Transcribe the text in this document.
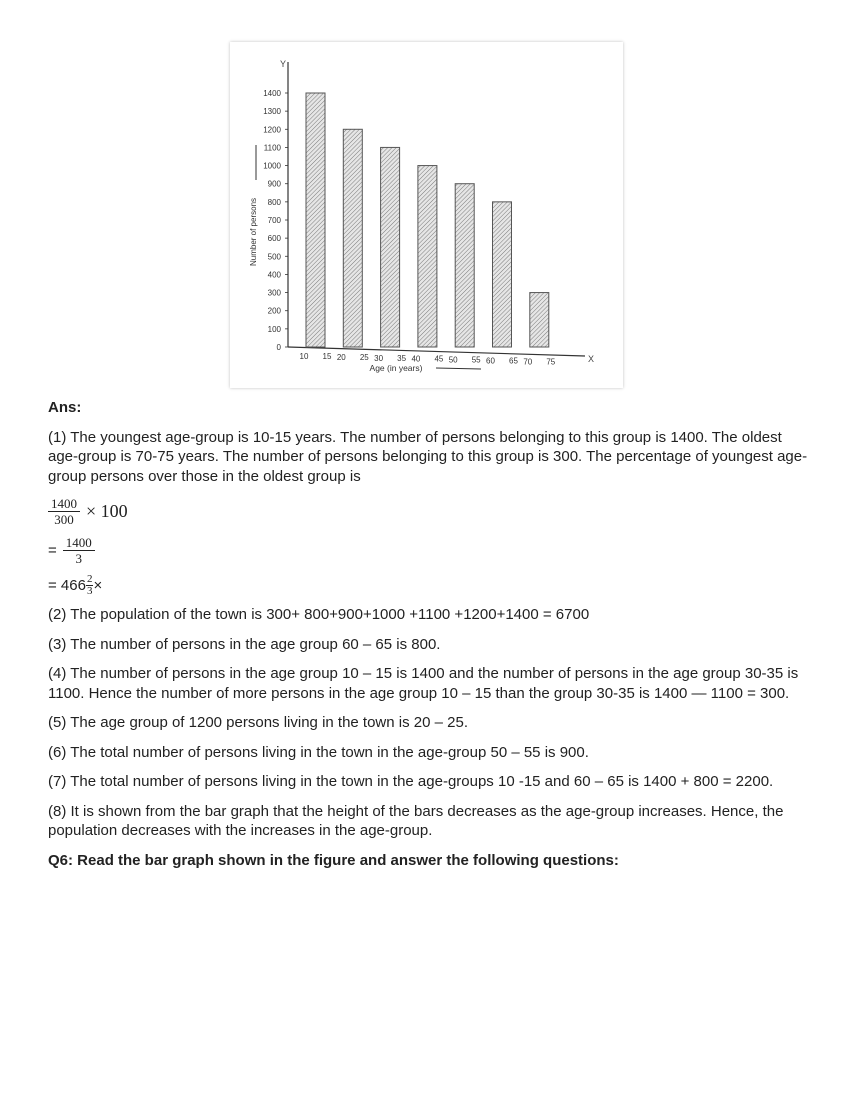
Y
X
0
100
200
300
400
500
600
700
800
900
1000
1100
1200
1300
1400
Number of persons
10 15 20 25 30 35 40 45 50 55 60 65 70 75
Age (in years)
Ans:

(1) The youngest age-group is 10-15 years. The number of persons belonging to this group is 1400. The oldest age-group is 70-75 years. The number of persons belonging to this group is 300. The percentage of youngest age-group persons over those in the oldest group is

$\frac{1400}{300} \times 100$
= $\frac{1400}{3}$
= $466 \frac{2}{3}$ ×

(2) The population of the town is 300+ 800+900+1000 +1100 +1200+1400 = 6700

(3) The number of persons in the age group 60 – 65 is 800.

(4) The number of persons in the age group 10 – 15 is 1400 and the number of persons in the age group 30-35 is 1100. Hence the number of more persons in the age group 10 – 15 than the group 30-35 is 1400 — 1100 = 300.

(5) The age group of 1200 persons living in the town is 20 – 25.

(6) The total number of persons living in the town in the age-group 50 – 55 is 900.

(7) The total number of persons living in the town in the age-groups 10 -15 and 60 – 65 is 1400 + 800 = 2200.

(8) It is shown from the bar graph that the height of the bars decreases as the age-group increases. Hence, the population decreases with the increases in the age-group.

Q6: Read the bar graph shown in the figure and answer the following questions:
